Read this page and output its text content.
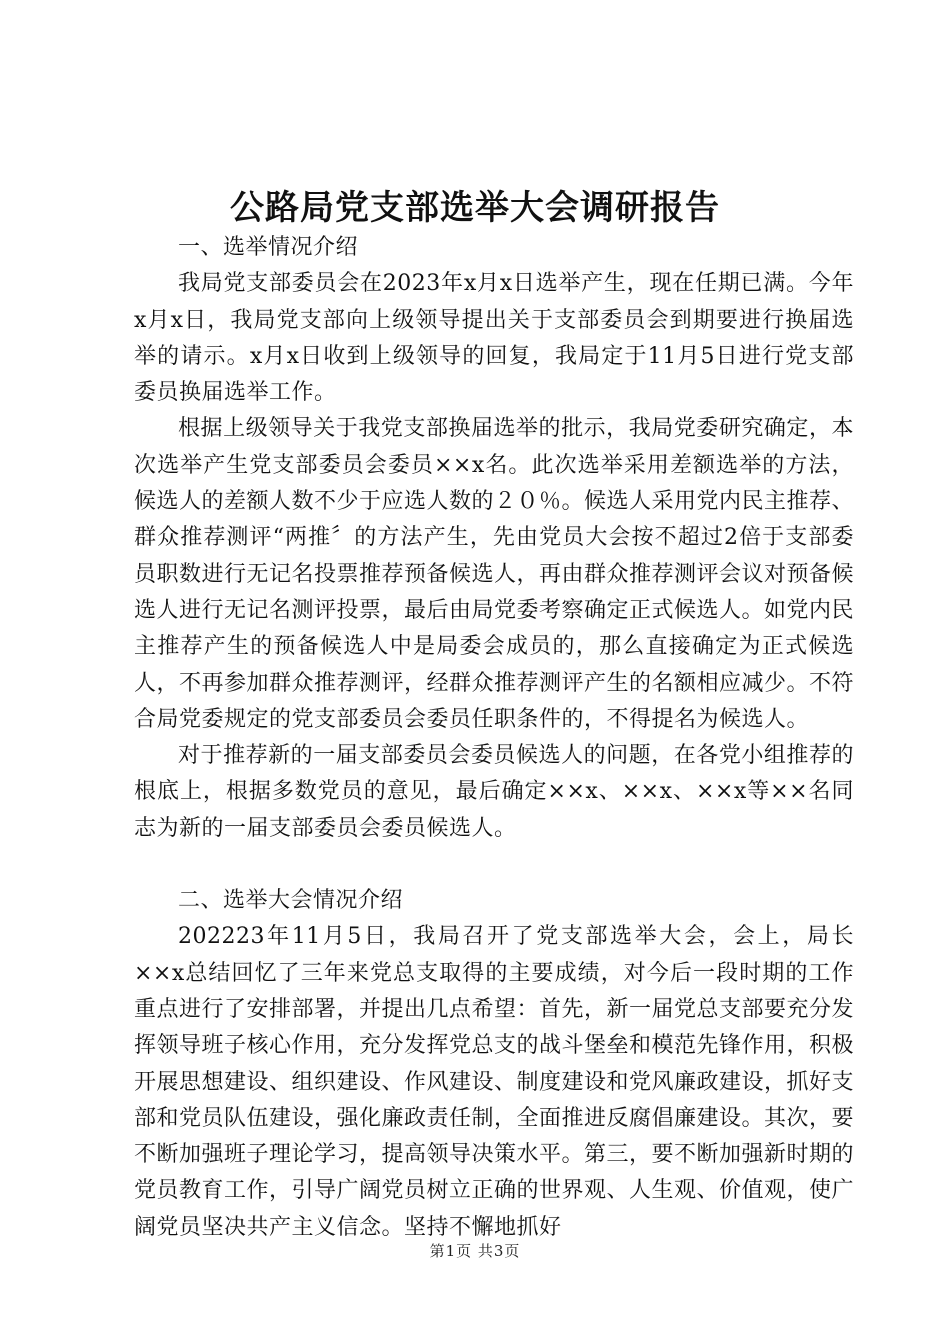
公路局党支部选举大会调研报告

一、选举情况介绍

我局党支部委员会在2023年x月x日选举产生，现在任期已满。今年x月x日，我局党支部向上级领导提出关于支部委员会到期要进行换届选举的请示。x月x日收到上级领导的回复，我局定于11月5日进行党支部委员换届选举工作。

根据上级领导关于我党支部换届选举的批示，我局党委研究确定，本次选举产生党支部委员会委员××x名。此次选举采用差额选举的方法，候选人的差额人数不少于应选人数的２０％。候选人采用党内民主推荐、群众推荐测评“两推〞的方法产生，先由党员大会按不超过2倍于支部委员职数进行无记名投票推荐预备候选人，再由群众推荐测评会议对预备候选人进行无记名测评投票，最后由局党委考察确定正式候选人。如党内民主推荐产生的预备候选人中是局委会成员的，那么直接确定为正式候选人，不再参加群众推荐测评，经群众推荐测评产生的名额相应减少。不符合局党委规定的党支部委员会委员任职条件的，不得提名为候选人。

对于推荐新的一届支部委员会委员候选人的问题，在各党小组推荐的根底上，根据多数党员的意见，最后确定××x、××x、××x等××名同志为新的一届支部委员会委员候选人。

二、选举大会情况介绍

202223年11月5日，我局召开了党支部选举大会，会上，局长××x总结回忆了三年来党总支取得的主要成绩，对今后一段时期的工作重点进行了安排部署，并提出几点希望：首先，新一届党总支部要充分发挥领导班子核心作用，充分发挥党总支的战斗堡垒和模范先锋作用，积极开展思想建设、组织建设、作风建设、制度建设和党风廉政建设，抓好支部和党员队伍建设，强化廉政责任制，全面推进反腐倡廉建设。其次，要不断加强班子理论学习，提高领导决策水平。第三，要不断加强新时期的党员教育工作，引导广阔党员树立正确的世界观、人生观、价值观，使广阔党员坚决共产主义信念。坚持不懈地抓好

第1页 共3页
